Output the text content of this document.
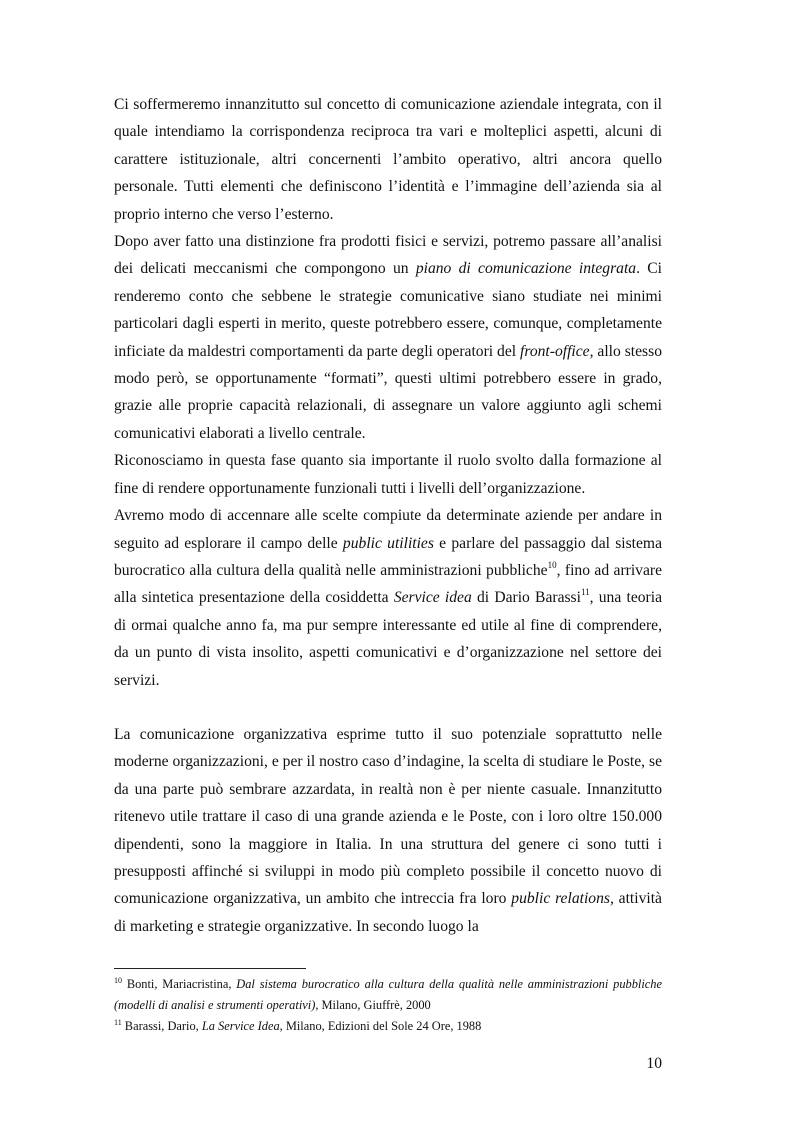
Ci soffermeremo innanzitutto sul concetto di comunicazione aziendale integrata, con il quale intendiamo la corrispondenza reciproca tra vari e molteplici aspetti, alcuni di carattere istituzionale, altri concernenti l’ambito operativo, altri ancora quello personale. Tutti elementi che definiscono l’identità e l’immagine dell’azienda sia al proprio interno che verso l’esterno.

Dopo aver fatto una distinzione fra prodotti fisici e servizi, potremo passare all’analisi dei delicati meccanismi che compongono un piano di comunicazione integrata. Ci renderemo conto che sebbene le strategie comunicative siano studiate nei minimi particolari dagli esperti in merito, queste potrebbero essere, comunque, completamente inficiate da maldestri comportamenti da parte degli operatori del front-office, allo stesso modo però, se opportunamente “formati”, questi ultimi potrebbero essere in grado, grazie alle proprie capacità relazionali, di assegnare un valore aggiunto agli schemi comunicativi elaborati a livello centrale.

Riconosciamo in questa fase quanto sia importante il ruolo svolto dalla formazione al fine di rendere opportunamente funzionali tutti i livelli dell’organizzazione.

Avremo modo di accennare alle scelte compiute da determinate aziende per andare in seguito ad esplorare il campo delle public utilities e parlare del passaggio dal sistema burocratico alla cultura della qualità nelle amministrazioni pubbliche$^{10}$, fino ad arrivare alla sintetica presentazione della cosiddetta Service idea di Dario Barassi$^{11}$, una teoria di ormai qualche anno fa, ma pur sempre interessante ed utile al fine di comprendere, da un punto di vista insolito, aspetti comunicativi e d’organizzazione nel settore dei servizi.

La comunicazione organizzativa esprime tutto il suo potenziale soprattutto nelle moderne organizzazioni, e per il nostro caso d’indagine, la scelta di studiare le Poste, se da una parte può sembrare azzardata, in realtà non è per niente casuale. Innanzitutto ritenevo utile trattare il caso di una grande azienda e le Poste, con i loro oltre 150.000 dipendenti, sono la maggiore in Italia. In una struttura del genere ci sono tutti i presupposti affinché si sviluppi in modo più completo possibile il concetto nuovo di comunicazione organizzativa, un ambito che intreccia fra loro public relations, attività di marketing e strategie organizzative. In secondo luogo la

$^{10}$ Bonti, Mariacristina, Dal sistema burocratico alla cultura della qualità nelle amministrazioni pubbliche (modelli di analisi e strumenti operativi), Milano, Giuffrè, 2000

$^{11}$ Barassi, Dario, La Service Idea, Milano, Edizioni del Sole 24 Ore, 1988

10
